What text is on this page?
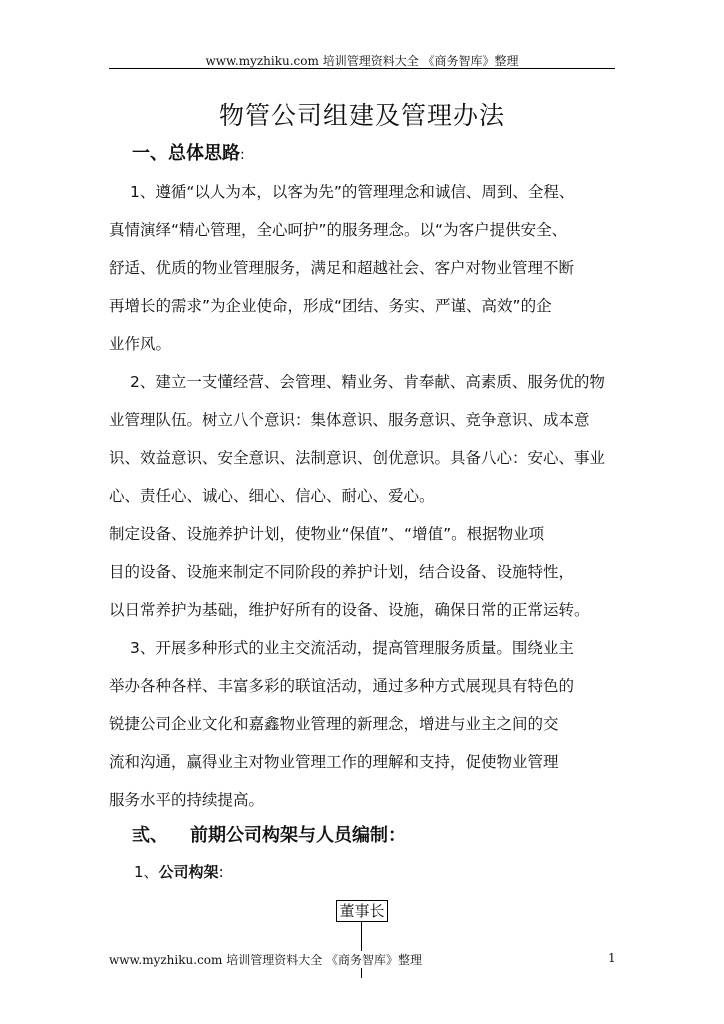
www.myzhiku.com 培训管理资料大全 《商务智库》整理
物管公司组建及管理办法
一、总体思路:
1、遵循“以人为本，以客为先”的管理理念和诚信、周到、全程、
真情演绎“精心管理，全心呵护”的服务理念。以“为客户提供安全、
舒适、优质的物业管理服务，满足和超越社会、客户对物业管理不断
再增长的需求”为企业使命，形成“团结、务实、严谨、高效”的企
业作风。
2、建立一支懂经营、会管理、精业务、肯奉献、高素质、服务优的物
业管理队伍。树立八个意识：集体意识、服务意识、竞争意识、成本意
识、效益意识、安全意识、法制意识、创优意识。具备八心：安心、事业
心、责任心、诚心、细心、信心、耐心、爱心。
制定设备、设施养护计划，使物业“保值”、“增值”。根据物业项
目的设备、设施来制定不同阶段的养护计划，结合设备、设施特性，
以日常养护为基础，维护好所有的设备、设施，确保日常的正常运转。
3、开展多种形式的业主交流活动，提高管理服务质量。围绕业主
举办各种各样、丰富多彩的联谊活动，通过多种方式展现具有特色的
锐捷公司企业文化和嘉鑫物业管理的新理念，增进与业主之间的交
流和沟通，赢得业主对物业管理工作的理解和支持，促使物业管理
服务水平的持续提高。
弎、 前期公司构架与人员编制：
1、公司构架:
董事长
www.myzhiku.com 培训管理资料大全 《商务智库》整理	1
